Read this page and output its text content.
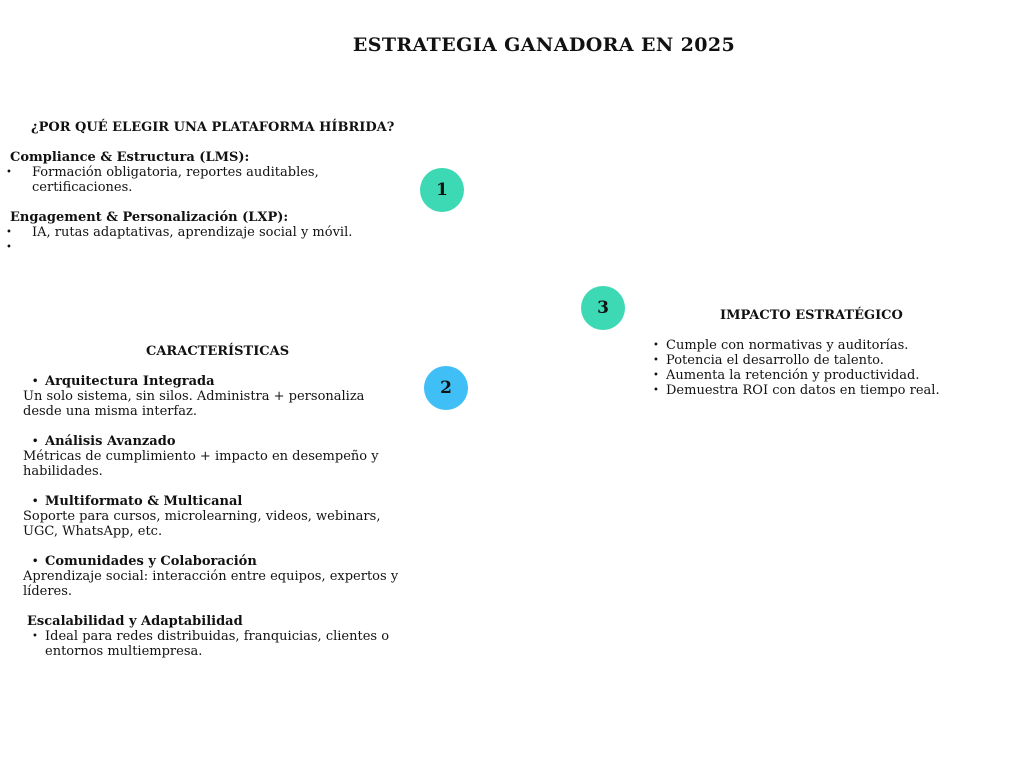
ESTRATEGIA GANADORA EN 2025
¿POR QUÉ ELEGIR UNA PLATAFORMA HÍBRIDA?
Compliance & Estructura (LMS):
• Formación obligatoria, reportes auditables,
certificaciones.
Engagement & Personalización (LXP):
• IA, rutas adaptativas, aprendizaje social y móvil.
•
1
3	IMPACTO ESTRATÉGICO
• Cumple con normativas y auditorías.
• Potencia el desarrollo de talento.
• Aumenta la retención y productividad.
• Demuestra ROI con datos en tiempo real.
CARACTERÍSTICAS
2
• Arquitectura Integrada
Un solo sistema, sin silos. Administra + personaliza
desde una misma interfaz.
• Análisis Avanzado
Métricas de cumplimiento + impacto en desempeño y
habilidades.
• Multiformato & Multicanal
Soporte para cursos, microlearning, videos, webinars,
UGC, WhatsApp, etc.
• Comunidades y Colaboración
Aprendizaje social: interacción entre equipos, expertos y
líderes.
Escalabilidad y Adaptabilidad
• Ideal para redes distribuidas, franquicias, clientes o
entornos multiempresa.
